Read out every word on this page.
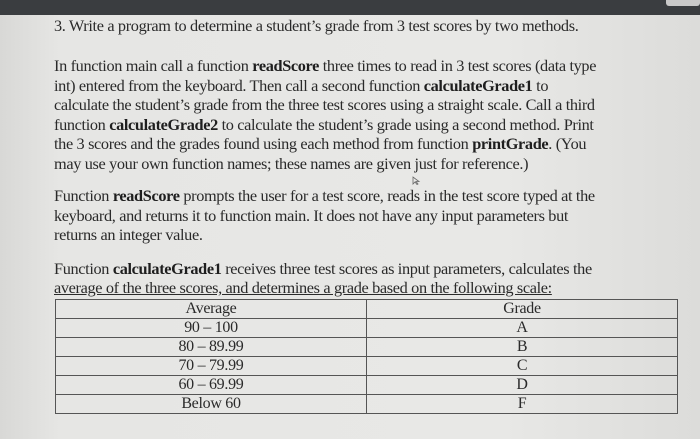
3. Write a program to determine a student’s grade from 3 test scores by two methods.
In function main call a function readScore three times to read in 3 test scores (data type
int) entered from the keyboard. Then call a second function calculateGrade1 to
calculate the student’s grade from the three test scores using a straight scale. Call a third
function calculateGrade2 to calculate the student’s grade using a second method. Print
the 3 scores and the grades found using each method from function printGrade. (You
may use your own function names; these names are given just for reference.)
Function readScore prompts the user for a test score, reads in the test score typed at the
keyboard, and returns it to function main. It does not have any input parameters but
returns an integer value.
Function calculateGrade1 receives three test scores as input parameters, calculates the
average of the three scores, and determines a grade based on the following scale:
Average	Grade
90 – 100	A
80 – 89.99	B
70 – 79.99	C
60 – 69.99	D
Below 60	F
